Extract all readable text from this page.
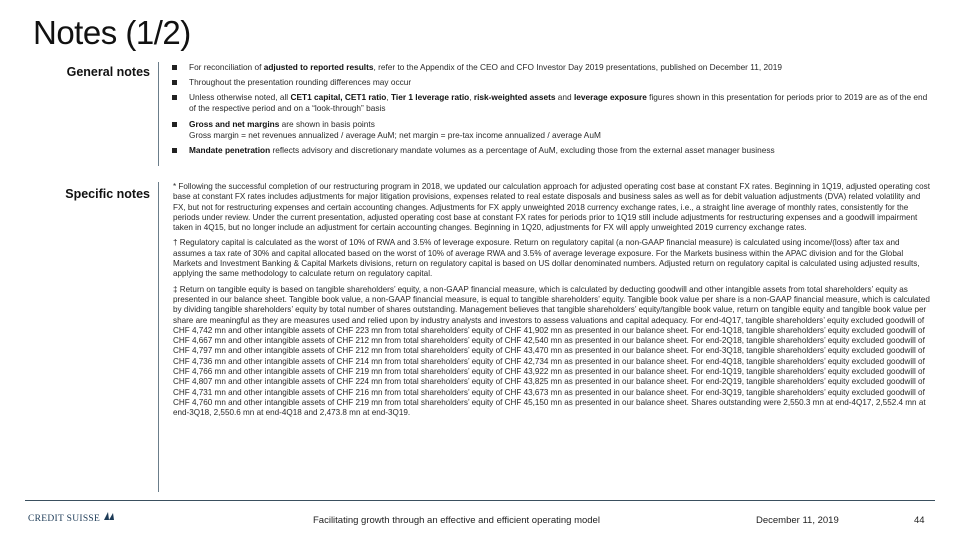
Notes (1/2)
General notes	For reconciliation of adjusted to reported results, refer to the Appendix of the CEO and CFO Investor Day 2019 presentations, published on December 11, 2019
Throughout the presentation rounding differences may occur
Unless otherwise noted, all CET1 capital, CET1 ratio, Tier 1 leverage ratio, risk-weighted assets and leverage exposure figures shown in this presentation for periods prior to 2019 are as of the end of the respective period and on a “look-through” basis
Gross and net margins are shown in basis points
Gross margin = net revenues annualized / average AuM; net margin = pre-tax income annualized / average AuM
Mandate penetration reflects advisory and discretionary mandate volumes as a percentage of AuM, excluding those from the external asset manager business
Specific notes

* Following the successful completion of our restructuring program in 2018, we updated our calculation approach for adjusted operating cost base at constant FX rates. Beginning in 1Q19, adjusted operating cost base at constant FX rates includes adjustments for major litigation provisions, expenses related to real estate disposals and business sales as well as for debit valuation adjustments (DVA) related volatility and FX, but not for restructuring expenses and certain accounting changes. Adjustments for FX apply unweighted 2018 currency exchange rates, i.e., a straight line average of monthly rates, consistently for the periods under review. Under the current presentation, adjusted operating cost base at constant FX rates for periods prior to 1Q19 still include adjustments for restructuring expenses and a goodwill impairment taken in 4Q15, but no longer include an adjustment for certain accounting changes. Beginning in 1Q20, adjustments for FX will apply unweighted 2019 currency exchange rates.

† Regulatory capital is calculated as the worst of 10% of RWA and 3.5% of leverage exposure. Return on regulatory capital (a non-GAAP financial measure) is calculated using income/(loss) after tax and assumes a tax rate of 30% and capital allocated based on the worst of 10% of average RWA and 3.5% of average leverage exposure. For the Markets business within the APAC division and for the Global Markets and Investment Banking & Capital Markets divisions, return on regulatory capital is based on US dollar denominated numbers. Adjusted return on regulatory capital is calculated using adjusted results, applying the same methodology to calculate return on regulatory capital.

‡ Return on tangible equity is based on tangible shareholders’ equity, a non-GAAP financial measure, which is calculated by deducting goodwill and other intangible assets from total shareholders’ equity as presented in our balance sheet. Tangible book value, a non-GAAP financial measure, is equal to tangible shareholders’ equity. Tangible book value per share is a non-GAAP financial measure, which is calculated by dividing tangible shareholders’ equity by total number of shares outstanding. Management believes that tangible shareholders’ equity/tangible book value, return on tangible equity and tangible book value per share are meaningful as they are measures used and relied upon by industry analysts and investors to assess valuations and capital adequacy. For end-4Q17, tangible shareholders’ equity excluded goodwill of CHF 4,742 mn and other intangible assets of CHF 223 mn from total shareholders’ equity of CHF 41,902 mn as presented in our balance sheet. For end-1Q18, tangible shareholders’ equity excluded goodwill of CHF 4,667 mn and other intangible assets of CHF 212 mn from total shareholders’ equity of CHF 42,540 mn as presented in our balance sheet. For end-2Q18, tangible shareholders’ equity excluded goodwill of CHF 4,797 mn and other intangible assets of CHF 212 mn from total shareholders’ equity of CHF 43,470 mn as presented in our balance sheet. For end-3Q18, tangible shareholders’ equity excluded goodwill of CHF 4,736 mn and other intangible assets of CHF 214 mn from total shareholders’ equity of CHF 42,734 mn as presented in our balance sheet. For end-4Q18, tangible shareholders’ equity excluded goodwill of CHF 4,766 mn and other intangible assets of CHF 219 mn from total shareholders’ equity of CHF 43,922 mn as presented in our balance sheet. For end-1Q19, tangible shareholders’ equity excluded goodwill of CHF 4,807 mn and other intangible assets of CHF 224 mn from total shareholders’ equity of CHF 43,825 mn as presented in our balance sheet. For end-2Q19, tangible shareholders’ equity excluded goodwill of CHF 4,731 mn and other intangible assets of CHF 216 mn from total shareholders’ equity of CHF 43,673 mn as presented in our balance sheet. For end-3Q19, tangible shareholders’ equity excluded goodwill of CHF 4,760 mn and other intangible assets of CHF 219 mn from total shareholders’ equity of CHF 45,150 mn as presented in our balance sheet. Shares outstanding were 2,550.3 mn at end-4Q17, 2,552.4 mn at end-3Q18, 2,550.6 mn at end-4Q18 and 2,473.8 mn at end-3Q19.

CREDIT SUISSE	Facilitating growth through an effective and efficient operating model	December 11, 2019	44
